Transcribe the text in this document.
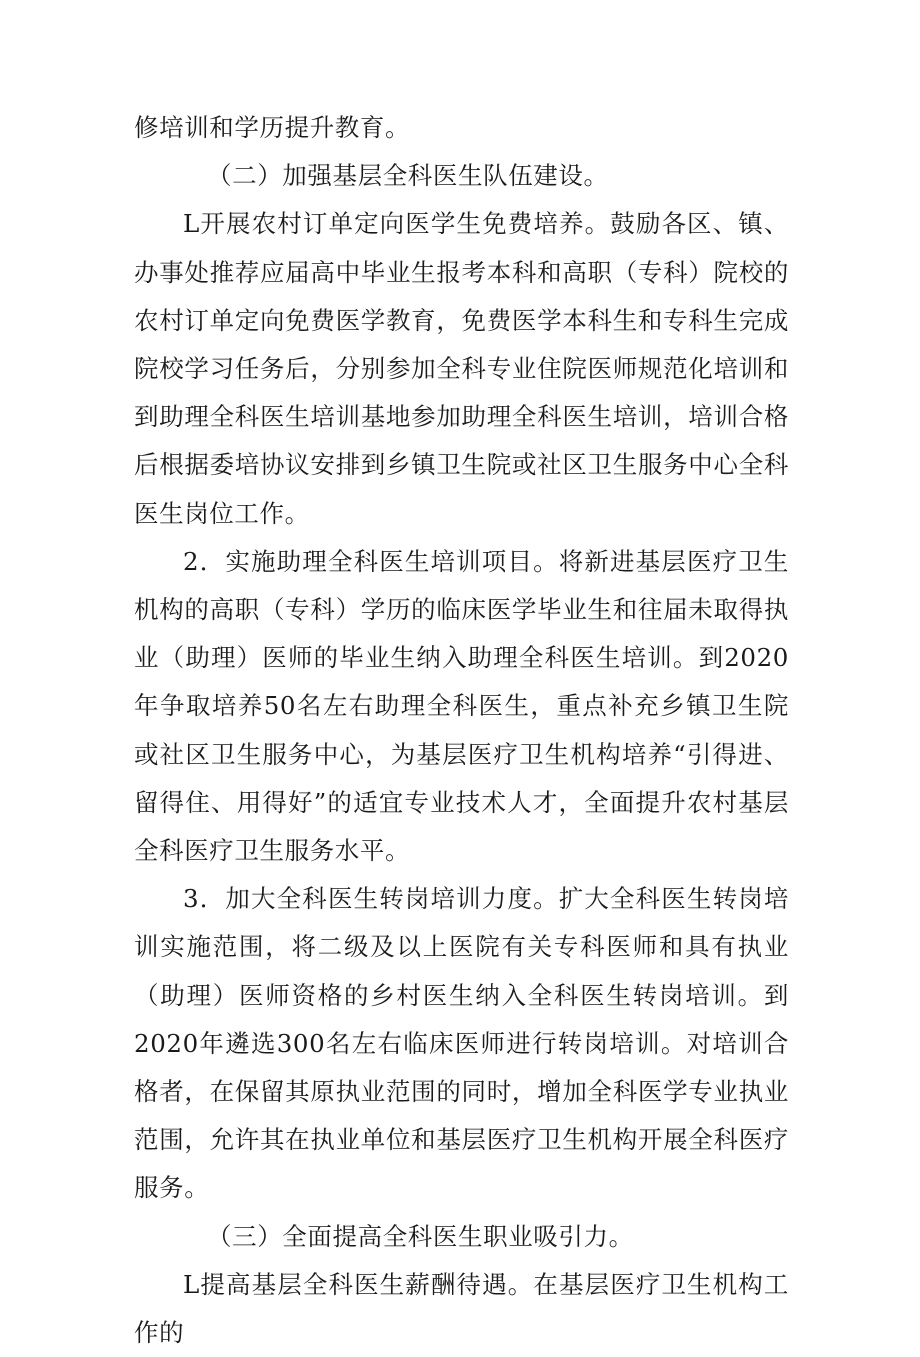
修培训和学历提升教育。

（二）加强基层全科医生队伍建设。

L开展农村订单定向医学生免费培养。鼓励各区、镇、办事处推荐应届高中毕业生报考本科和高职（专科）院校的农村订单定向免费医学教育，免费医学本科生和专科生完成院校学习任务后，分别参加全科专业住院医师规范化培训和到助理全科医生培训基地参加助理全科医生培训，培训合格后根据委培协议安排到乡镇卫生院或社区卫生服务中心全科医生岗位工作。

2．实施助理全科医生培训项目。将新进基层医疗卫生机构的高职（专科）学历的临床医学毕业生和往届未取得执业（助理）医师的毕业生纳入助理全科医生培训。到2020年争取培养50名左右助理全科医生，重点补充乡镇卫生院或社区卫生服务中心，为基层医疗卫生机构培养“引得进、留得住、用得好”的适宜专业技术人才，全面提升农村基层全科医疗卫生服务水平。

3．加大全科医生转岗培训力度。扩大全科医生转岗培训实施范围，将二级及以上医院有关专科医师和具有执业（助理）医师资格的乡村医生纳入全科医生转岗培训。到2020年遴选300名左右临床医师进行转岗培训。对培训合格者，在保留其原执业范围的同时，增加全科医学专业执业范围，允许其在执业单位和基层医疗卫生机构开展全科医疗服务。

（三）全面提高全科医生职业吸引力。

L提高基层全科医生薪酬待遇。在基层医疗卫生机构工作的
